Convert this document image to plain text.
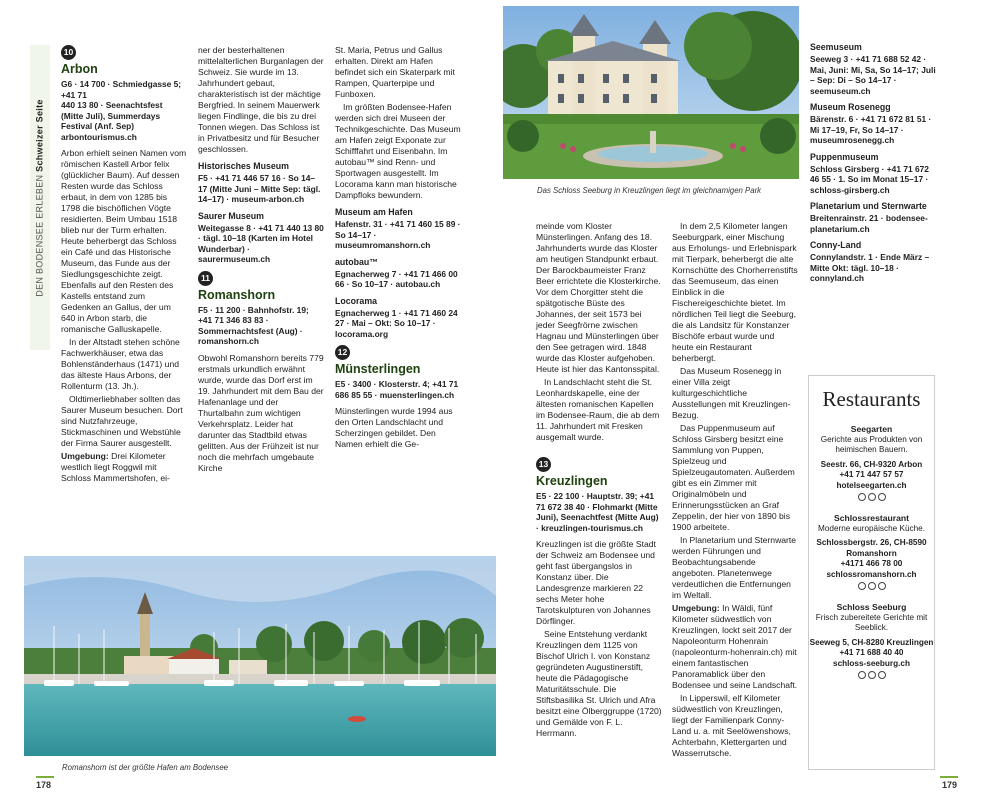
DEN BODENSEE ERLEBEN Schweizer Seite
10
Arbon
G6 · 14 700 · Schmiedgasse 5; +41 71
440 13 80 · Seenachtsfest
(Mitte Juli), Summerdays
Festival (Anf. Sep)
arbontourismus.ch

Arbon erhielt seinen Namen vom römischen Kastell Arbor felix (glücklicher Baum). Auf dessen Resten wurde das Schloss erbaut, in dem von 1285 bis 1798 die bischöflichen Vögte residierten. Beim Umbau 1518 blieb nur der Turm erhalten. Heute beherbergt das Schloss ein Café und das Historische Museum, das Funde aus der Siedlungsgeschichte zeigt. Ebenfalls auf den Resten des Kastells entstand zum Gedenken an Gallus, der um 640 in Arbon starb, die romanische Galluskapelle.

In der Altstadt stehen schöne Fachwerkhäuser, etwa das Bohlenständerhaus (1471) und das älteste Haus Arbons, der Rollenturm (13. Jh.).

Oldtimerliebhaber sollten das Saurer Museum besuchen. Dort sind Nutzfahrzeuge, Stickmaschinen und Webstühle der Firma Saurer ausgestellt.

Umgebung: Drei Kilometer westlich liegt Roggwil mit Schloss Mammertshofen, ei-

ner der besterhaltenen mittelalterlichen Burganlagen der Schweiz. Sie wurde im 13. Jahrhundert gebaut, charakteristisch ist der mächtige Bergfried. In seinem Mauerwerk liegen Findlinge, die bis zu drei Tonnen wiegen. Das Schloss ist in Privatbesitz und für Besucher geschlossen.

Historisches Museum
F5 · +41 71 446 57 16 · So 14–17 (Mitte Juni – Mitte Sep: tägl. 14–17) · museum-arbon.ch
Saurer Museum
Weitegasse 8 · +41 71 440 13 80 · tägl. 10–18 (Karten im Hotel Wunderbar) · saurermuseum.ch
11
Romanshorn
F5 · 11 200 · Bahnhofstr. 19; +41 71 346 83 83 · Sommernachtsfest (Aug) · romanshorn.ch

Obwohl Romanshorn bereits 779 erstmals urkundlich erwähnt wurde, wurde das Dorf erst im 19. Jahrhundert mit dem Bau der Hafenanlage und der Thurtalbahn zum wichtigen Verkehrsplatz. Leider hat darunter das Stadtbild etwas gelitten. Aus der Frühzeit ist nur noch die mehrfach umgebaute Kirche

St. Maria, Petrus und Gallus erhalten. Direkt am Hafen befindet sich ein Skaterpark mit Rampen, Quarterpipe und Funboxen.

Im größten Bodensee-Hafen werden sich drei Museen der Technikgeschichte. Das Museum am Hafen zeigt Exponate zur Schifffahrt und Eisenbahn. Im autobau™ sind Renn- und Sportwagen ausgestellt. Im Locorama kann man historische Dampfloks bewundern.

Museum am Hafen
Hafenstr. 31 · +41 71 460 15 89 · So 14–17 · museumromanshorn.ch
autobau™
Egnacherweg 7 · +41 71 466 00 66 · So 10–17 · autobau.ch
Locorama
Egnacherweg 1 · +41 71 460 24 27 · Mai – Okt: So 10–17 · locorama.org
12
Münsterlingen
E5 · 3400 · Klosterstr. 4; +41 71 686 85 55 · muensterlingen.ch

Münsterlingen wurde 1994 aus den Orten Landschlacht und Scherzingen gebildet. Den Namen erhielt die Ge-

Romanshorn ist der größte Hafen am Bodensee
178
Das Schloss Seeburg in Kreuzlingen liegt im gleichnamigen Park

meinde vom Kloster Münsterlingen. Anfang des 18. Jahrhunderts wurde das Kloster am heutigen Standpunkt erbaut. Der Barockbaumeister Franz Beer errichtete die Klosterkirche. Vor dem Chorgitter steht die spätgotische Büste des Johannes, der seit 1573 bei jeder Seegfrörne zwischen Hagnau und Münsterlingen über den See getragen wird. 1848 wurde das Kloster aufgehoben. Heute ist hier das Kantonsspital.

In Landschlacht steht die St. Leonhardskapelle, eine der ältesten romanischen Kapellen im Bodensee-Raum, die ab dem 11. Jahrhundert mit Fresken ausgemalt wurde.

13
Kreuzlingen
E5 · 22 100 · Hauptstr. 39; +41 71 672 38 40 · Flohmarkt (Mitte Juni), Seenachtfest (Mitte Aug) · kreuzlingen-tourismus.ch

Kreuzlingen ist die größte Stadt der Schweiz am Bodensee und geht fast übergangslos in Konstanz über. Die Landesgrenze markieren 22 sechs Meter hohe Tarotskulpturen von Johannes Dörflinger.

Seine Entstehung verdankt Kreuzlingen dem 1125 von Bischof Ulrich I. von Konstanz gegründeten Augustinerstift, heute die Pädagogische Maturitätsschule. Die Stiftsbasilika St. Ulrich und Afra besitzt eine Ölberggruppe (1720) und Gemälde von F. L. Herrmann.

In dem 2,5 Kilometer langen Seeburgpark, einer Mischung aus Erholungs- und Erlebnispark mit Tierpark, beherbergt die alte Kornschütte des Chorherrenstifts das Seemuseum, das einen Einblick in die Fischereigeschichte bietet. Im nördlichen Teil liegt die Seeburg, die als Landsitz für Konstanzer Bischöfe erbaut wurde und heute ein Restaurant beherbergt.

Das Museum Rosenegg in einer Villa zeigt kulturgeschichtliche Ausstellungen mit Kreuzlingen-Bezug.

Das Puppenmuseum auf Schloss Girsberg besitzt eine Sammlung von Puppen, Spielzeug und Spielzeugautomaten. Außerdem gibt es ein Zimmer mit Originalmöbeln und Erinnerungsstücken an Graf Zeppelin, der hier von 1890 bis 1900 arbeitete.

In Planetarium und Sternwarte werden Führungen und Beobachtungsabende angeboten. Planetenwege verdeutlichen die Entfernungen im Weltall.

Umgebung: In Wäldi, fünf Kilometer südwestlich von Kreuzlingen, lockt seit 2017 der Napoleonturm Hohenrain (napoleonturm-hohenrain.ch) mit einem fantastischen Panoramablick über den Bodensee und seine Landschaft.

In Lipperswil, elf Kilometer südwestlich von Kreuzlingen, liegt der Familienpark Conny-Land u. a. mit Seelöwenshows, Achterbahn, Klettergarten und Wasserrutsche.

Seemuseum
Seeweg 3 · +41 71 688 52 42 · Mai, Juni: Mi, Sa, So 14–17; Juli – Sep: Di – So 14–17 · seemuseum.ch
Museum Rosenegg
Bärenstr. 6 · +41 71 672 81 51 · Mi 17–19, Fr, So 14–17 · museumrosenegg.ch
Puppenmuseum
Schloss Girsberg · +41 71 672 46 55 · 1. So im Monat 15–17 · schloss-girsberg.ch
Planetarium und Sternwarte
Breitenrainstr. 21 · bodensee-planetarium.ch
Conny-Land
Connylandstr. 1 · Ende März – Mitte Okt: tägl. 10–18 · connyland.ch
Restaurants
Seegarten
Gerichte aus Produkten von heimischen Bauern.
Seestr. 66, CH-9320 Arbon
+41 71 447 57 57
hotelseegarten.ch
Schlossrestaurant
Moderne europäische Küche.
Schlossbergstr. 26, CH-8590 Romanshorn
+4171 466 78 00
schlossromanshorn.ch
Schloss Seeburg
Frisch zubereitete Gerichte mit Seeblick.
Seeweg 5, CH-8280 Kreuzlingen
+41 71 688 40 40
schloss-seeburg.ch
179
